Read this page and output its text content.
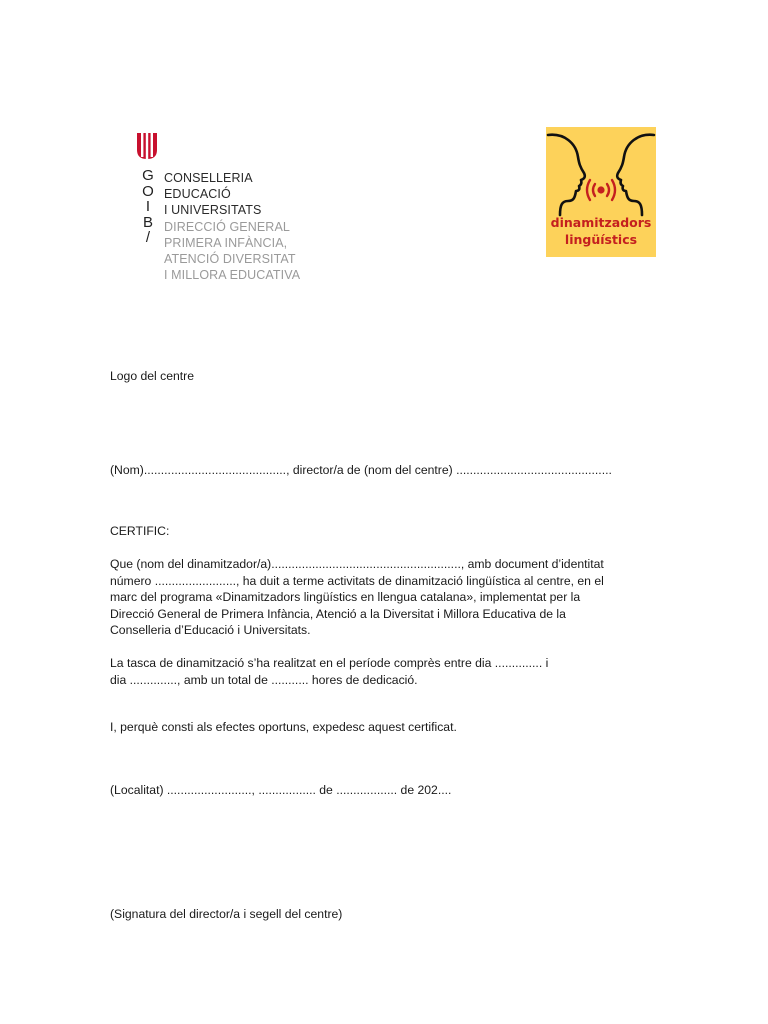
G
O
I
B
/
CONSELLERIA
EDUCACIÓ
I UNIVERSITATS
DIRECCIÓ GENERAL
PRIMERA INFÀNCIA,
ATENCIÓ DIVERSITAT
I MILLORA EDUCATIVA
dinamitzadors
lingüístics
Logo del centre
(Nom).........................................., director/a de (nom del centre) ..............................................
CERTIFIC:
Que (nom del dinamitzador/a)........................................................, amb document d’identitat
número ........................, ha duit a terme activitats de dinamització lingüística al centre, en el
marc del programa «Dinamitzadors lingüístics en llengua catalana», implementat per la
Direcció General de Primera Infància, Atenció a la Diversitat i Millora Educativa de la
Conselleria d’Educació i Universitats.
La tasca de dinamització s’ha realitzat en el període comprès entre dia .............. i
dia .............., amb un total de ........... hores de dedicació.
I, perquè consti als efectes oportuns, expedesc aquest certificat.
(Localitat) ........................., ................. de .................. de 202....
(Signatura del director/a i segell del centre)
